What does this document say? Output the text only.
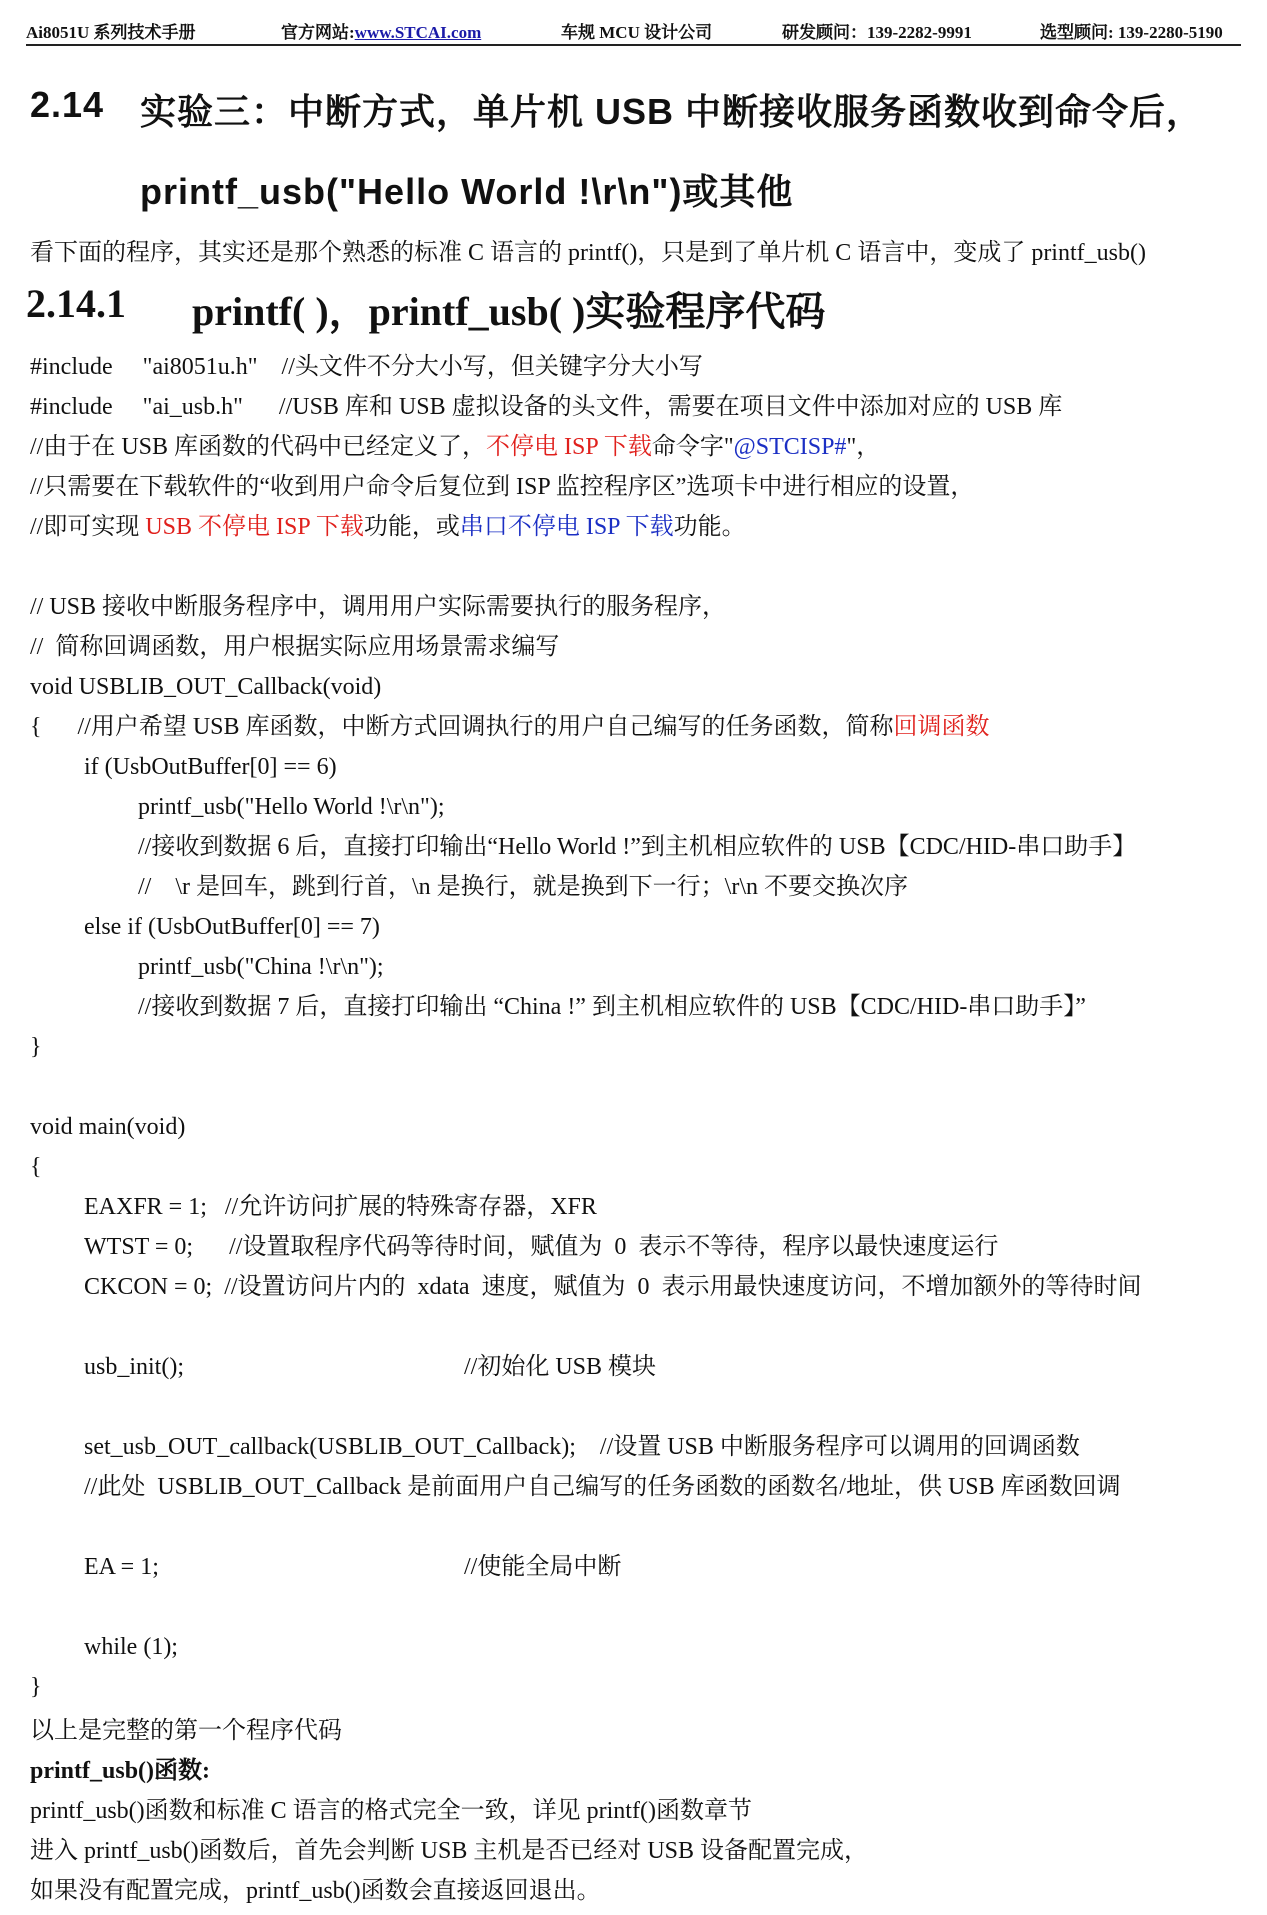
Ai8051U 系列技术手册	官方网站:www.STCAI.com	车规 MCU 设计公司	研发顾问：139-2282-9991	选型顾问: 139-2280-5190
2.14 实验三：中断方式，单片机 USB 中断接收服务函数收到命令后，
printf_usb("Hello World !\r\n")或其他
看下面的程序，其实还是那个熟悉的标准 C 语言的 printf()，只是到了单片机 C 语言中，变成了 printf_usb()
2.14.1 printf( )，printf_usb( )实验程序代码
#include     "ai8051u.h"    //头文件不分大小写，但关键字分大小写
#include     "ai_usb.h"      //USB 库和 USB 虚拟设备的头文件，需要在项目文件中添加对应的 USB 库
//由于在 USB 库函数的代码中已经定义了，不停电 ISP 下载命令字"@STCISP#"，
//只需要在下载软件的“收到用户命令后复位到 ISP 监控程序区”选项卡中进行相应的设置，
//即可实现 USB 不停电 ISP 下载功能，或串口不停电 ISP 下载功能。
// USB 接收中断服务程序中，调用用户实际需要执行的服务程序，
//  简称回调函数，用户根据实际应用场景需求编写
void USBLIB_OUT_Callback(void)
{      //用户希望 USB 库函数，中断方式回调执行的用户自己编写的任务函数，简称回调函数
if (UsbOutBuffer[0] == 6)
printf_usb("Hello World !\r\n");
//接收到数据 6 后，直接打印输出“Hello World !”到主机相应软件的 USB【CDC/HID-串口助手】
//    \r 是回车，跳到行首，\n 是换行，就是换到下一行；\r\n 不要交换次序
else if (UsbOutBuffer[0] == 7)
printf_usb("China !\r\n");
//接收到数据 7 后，直接打印输出 “China !” 到主机相应软件的 USB【CDC/HID-串口助手】”
}
void main(void)
{
EAXFR = 1;   //允许访问扩展的特殊寄存器，XFR
WTST = 0;      //设置取程序代码等待时间，赋值为  0  表示不等待，程序以最快速度运行
CKCON = 0;  //设置访问片内的  xdata  速度，赋值为  0  表示用最快速度访问，不增加额外的等待时间
usb_init();	//初始化 USB 模块
set_usb_OUT_callback(USBLIB_OUT_Callback);    //设置 USB 中断服务程序可以调用的回调函数
//此处  USBLIB_OUT_Callback 是前面用户自己编写的任务函数的函数名/地址，供 USB 库函数回调
EA = 1;	//使能全局中断
while (1);
}
以上是完整的第一个程序代码
printf_usb()函数:
printf_usb()函数和标准 C 语言的格式完全一致，详见 printf()函数章节
进入 printf_usb()函数后，首先会判断 USB 主机是否已经对 USB 设备配置完成，
如果没有配置完成，printf_usb()函数会直接返回退出。
